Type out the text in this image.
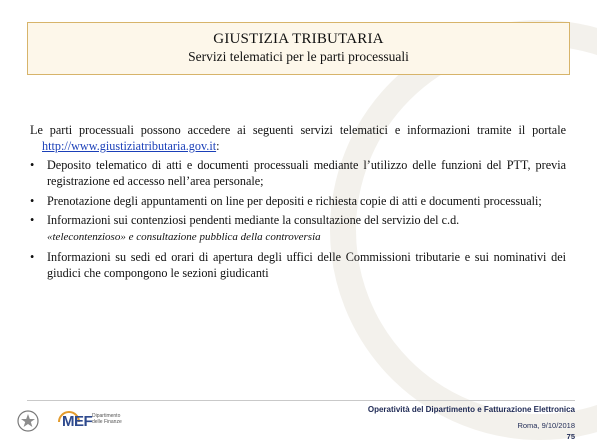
GIUSTIZIA TRIBUTARIA
Servizi telematici per le parti processuali

Le parti processuali possono accedere ai seguenti servizi telematici e informazioni tramite il portale http://www.giustiziatributaria.gov.it:

• Deposito telematico di atti e documenti processuali mediante l’utilizzo delle funzioni del PTT, previa registrazione ed accesso nell’area personale;
• Prenotazione degli appuntamenti on line per depositi e richiesta copie di atti e documenti processuali;
• Informazioni sui contenziosi pendenti mediante la consultazione del servizio del c.d.
«telecontenzioso» e consultazione pubblica della controversia
• Informazioni su sedi ed orari di apertura degli uffici delle Commissioni tributarie e sui nominativi dei giudici che compongono le sezioni giudicanti
MEF Dipartimento delle Finanze
Operatività del Dipartimento e Fatturazione Elettronica
Roma, 9/10/2018
75
